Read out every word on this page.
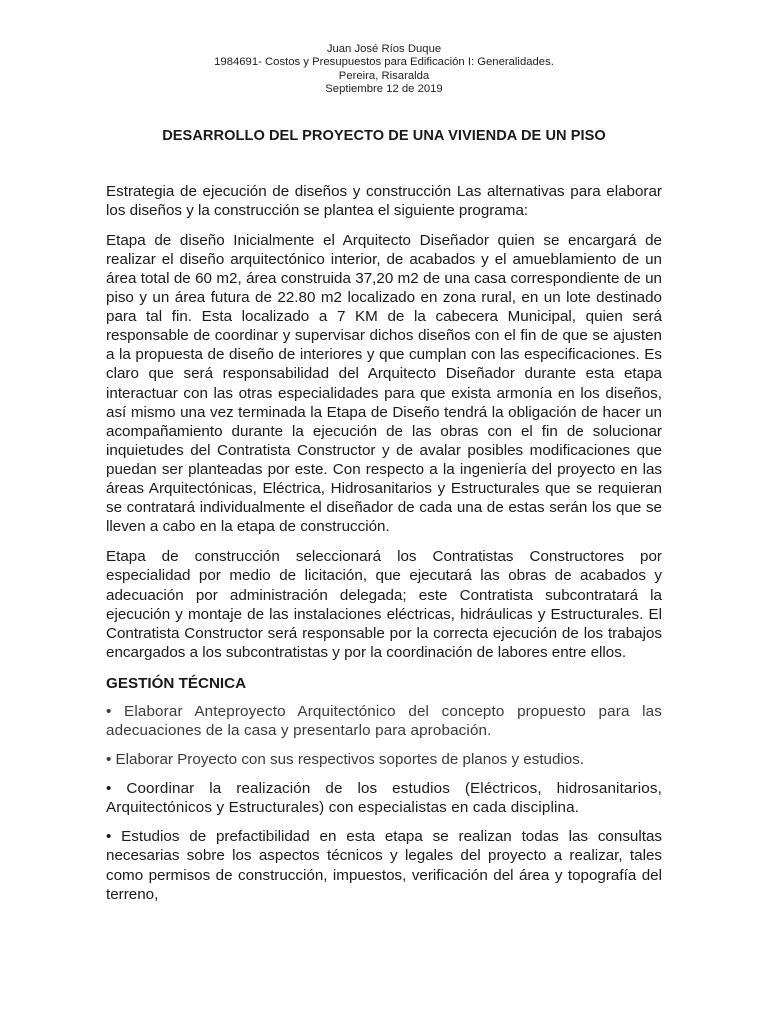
Juan José Ríos Duque
1984691- Costos y Presupuestos para Edificación I: Generalidades.
Pereira, Risaralda
Septiembre 12 de 2019
DESARROLLO DEL PROYECTO DE UNA VIVIENDA DE UN PISO

Estrategia de ejecución de diseños y construcción Las alternativas para elaborar los diseños y la construcción se plantea el siguiente programa:

Etapa de diseño Inicialmente el Arquitecto Diseñador quien se encargará de realizar el diseño arquitectónico interior, de acabados y el amueblamiento de un área total de 60 m2, área construida 37,20 m2 de una casa correspondiente de un piso y un área futura de 22.80 m2 localizado en zona rural, en un lote destinado para tal fin. Esta localizado a 7 KM de la cabecera Municipal, quien será responsable de coordinar y supervisar dichos diseños con el fin de que se ajusten a la propuesta de diseño de interiores y que cumplan con las especificaciones. Es claro que será responsabilidad del Arquitecto Diseñador durante esta etapa interactuar con las otras especialidades para que exista armonía en los diseños, así mismo una vez terminada la Etapa de Diseño tendrá la obligación de hacer un acompañamiento durante la ejecución de las obras con el fin de solucionar inquietudes del Contratista Constructor y de avalar posibles modificaciones que puedan ser planteadas por este. Con respecto a la ingeniería del proyecto en las áreas Arquitectónicas, Eléctrica, Hidrosanitarios y Estructurales que se requieran se contratará individualmente el diseñador de cada una de estas serán los que se lleven a cabo en la etapa de construcción.

Etapa de construcción seleccionará los Contratistas Constructores por especialidad por medio de licitación, que ejecutará las obras de acabados y adecuación por administración delegada; este Contratista subcontratará la ejecución y montaje de las instalaciones eléctricas, hidráulicas y Estructurales. El Contratista Constructor será responsable por la correcta ejecución de los trabajos encargados a los subcontratistas y por la coordinación de labores entre ellos.

GESTIÓN TÉCNICA

• Elaborar Anteproyecto Arquitectónico del concepto propuesto para las adecuaciones de la casa y presentarlo para aprobación.

• Elaborar Proyecto con sus respectivos soportes de planos y estudios.

• Coordinar la realización de los estudios (Eléctricos, hidrosanitarios, Arquitectónicos y Estructurales) con especialistas en cada disciplina.

• Estudios de prefactibilidad en esta etapa se realizan todas las consultas necesarias sobre los aspectos técnicos y legales del proyecto a realizar, tales como permisos de construcción, impuestos, verificación del área y topografía del terreno,
